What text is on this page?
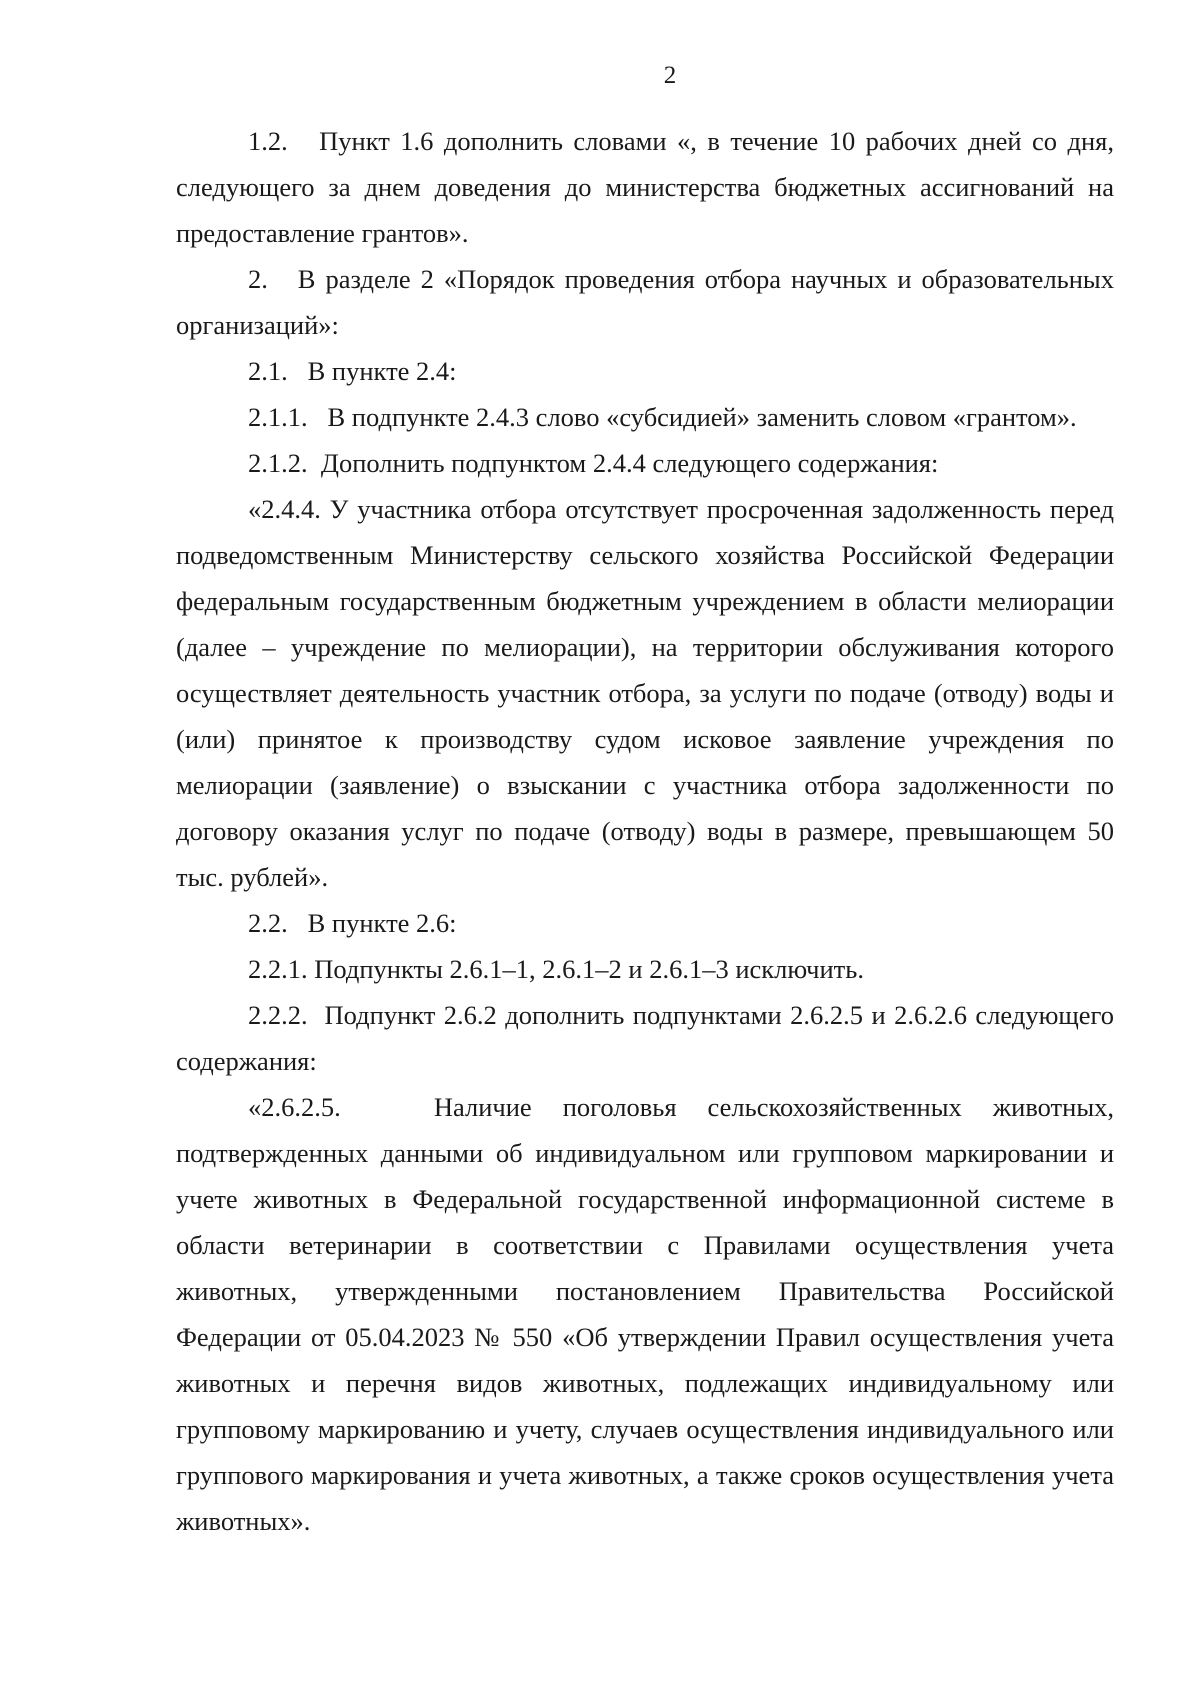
2

1.2.   Пункт 1.6 дополнить словами «, в течение 10 рабочих дней со дня, следующего за днем доведения до министерства бюджетных ассигнований на предоставление грантов».

2.   В разделе 2 «Порядок проведения отбора научных и образовательных организаций»:

2.1.   В пункте 2.4:

2.1.1.   В подпункте 2.4.3 слово «субсидией» заменить словом «грантом».

2.1.2.  Дополнить подпунктом 2.4.4 следующего содержания:

«2.4.4. У участника отбора отсутствует просроченная задолженность перед подведомственным Министерству сельского хозяйства Российской Федерации федеральным государственным бюджетным учреждением в области мелиорации (далее – учреждение по мелиорации), на территории обслуживания которого осуществляет деятельность участник отбора, за услуги по подаче (отводу) воды и (или) принятое к производству судом исковое заявление учреждения по мелиорации (заявление) о взыскании с участника отбора задолженности по договору оказания услуг по подаче (отводу) воды в размере, превышающем 50 тыс. рублей».

2.2.   В пункте 2.6:

2.2.1. Подпункты 2.6.1–1, 2.6.1–2 и 2.6.1–3 исключить.

2.2.2.  Подпункт 2.6.2 дополнить подпунктами 2.6.2.5 и 2.6.2.6 следующего содержания:

«2.6.2.5.   Наличие поголовья сельскохозяйственных животных, подтвержденных данными об индивидуальном или групповом маркировании и учете животных в Федеральной государственной информационной системе в области ветеринарии в соответствии с Правилами осуществления учета животных, утвержденными постановлением Правительства Российской Федерации от 05.04.2023 № 550 «Об утверждении Правил осуществления учета животных и перечня видов животных, подлежащих индивидуальному или групповому маркированию и учету, случаев осуществления индивидуального или группового маркирования и учета животных, а также сроков осуществления учета животных».
